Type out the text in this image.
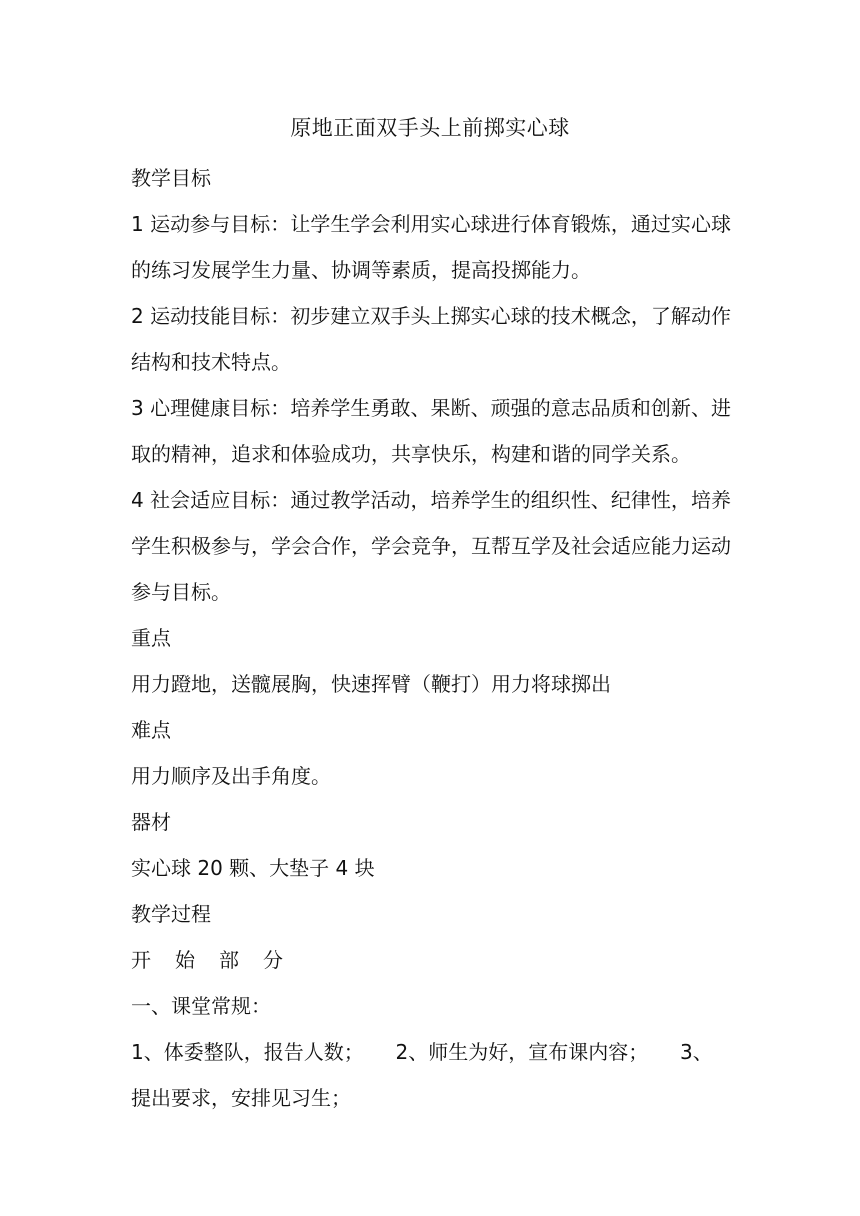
原地正面双手头上前掷实心球

教学目标

1 运动参与目标：让学生学会利用实心球进行体育锻炼，通过实心球的练习发展学生力量、协调等素质，提高投掷能力。

2 运动技能目标：初步建立双手头上掷实心球的技术概念，了解动作结构和技术特点。

3 心理健康目标：培养学生勇敢、果断、顽强的意志品质和创新、进取的精神，追求和体验成功，共享快乐，构建和谐的同学关系。

4 社会适应目标：通过教学活动，培养学生的组织性、纪律性，培养学生积极参与，学会合作，学会竞争，互帮互学及社会适应能力运动参与目标。

重点

用力蹬地，送髋展胸，快速挥臂（鞭打）用力将球掷出

难点

用力顺序及出手角度。

器材

实心球 20 颗、大垫子 4 块

教学过程

开 始 部 分

一、课堂常规：

1、体委整队，报告人数；     2、师生为好，宣布课内容；     3、

提出要求，安排见习生；
